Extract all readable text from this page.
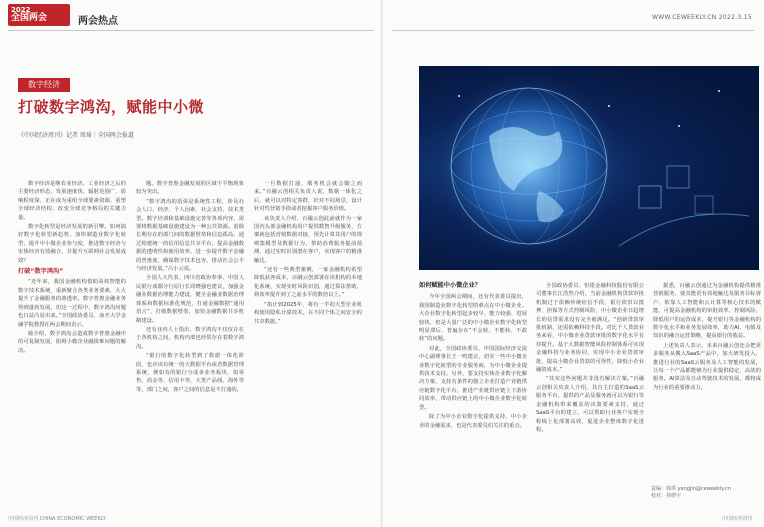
2022
全国两会	两会热点	WWW.CEWEEKLY.CN 2022.3.15
数字经济
打破数字鸿沟，赋能中小微
《中国经济周刊》记者 周琦｜全国两会报道

数字经济是继农业经济、工业经济之后的主要经济形态，发展速度快、辐射范围广、影响程度深，正在成为重组全球要素资源、重塑全球经济结构、改变全球竞争格局的关键力量。

数字化转型是经济发展的新引擎。如何搞好数字化转型新趋势，加快制造业数字化转型，提升中小微企业参与度，推进数字经济与实体经济有效融合，并提升互联网社会发展成效？

打破“数字鸿沟”

“近年来，我国金融机构借助高效智能的数字技术系统，重新聚合各类业务要素，大大提升了金融服务的渗透率。数字普惠金融业务得到蓬勃发展，但这一过程中，数字鸿沟问题也日益凸显出来。”全国政协委员、南开大学金融学院教授在两会期间表示。

她介绍，数字鸿沟会造成数字普惠金融中的可复制发展，阻碍小微企业融资难问题的解决。

题。数字普惠金融发展的区域不平衡现象较为突出。

“数字鸿沟的消弭是系统性工程，涉及社会人口、经济、个人因素、社会支持、技术类型。数字培训和基础设施完善等各项内容，需要将数据基础设施建设为一种公共资源。消除长期存在的部门间的数据壁垒和信息孤岛，通过构建统一的信用信息共享平台，提高金融数据的透明性和使用效率，进一步提升数字金融的普惠度，确保数字技术包容，推动社会公平与经济发展。”吕小云说。

全国人大代表、四川省政协参事、中国人民银行成都分行原行长周晓强也建议，加强金融业数据治理能力建设，健全金融业数据治理体系和数据标准化规范，打通金融数据“通用语言”，打破数据壁垒，加快金融数据共享机制建设。

还有业内人士指出，数字鸿沟不仅仅存在于各机构之间，机构内部也经常存在着数字鸿沟。

“银行的数字化转型到了数据一体化阶段，也应该有统一的大数据平台或者数据管理系统，例如有的银行分成多业务板块，如零售、消金等、信用卡等，大类产品线、海外等等，部门之间，客户之间的信息是不打通的。

一旦数据打通，服务机会就会随之而来。”百融云创相关负责人说，数据一体化之后，就可以对特定客群，针对不同场景，设计针对性营销手段或者挖掘客户服务价值。

该负责人介绍，百融云创此前就作为一家国内头部金融机构用户提供数智升级服务，方案就包括营销数据对接，预先计算其用户的规则集模型及数据行为，帮助消费服务提前预测，通过实时识别潜在客户，实现客户的精准触达。

“还有一些典型案例，一家金融机构希望降低获客成本，百融云创部署在该机构的本地化系统，实现实时风险识别，通过算法帮助，将效率提升到了之前水平的数倍以上。”

“指计到2025年，将有一半的大型企业机构使用隐私计算技术，在不同个体之间安全的共享数据。”

中国经济周刊 CHINA ECONOMIC WEEKLY
如何赋能中小微企业？

今年全国两会期间，还有代表委员提出，我国制造业数字化转型的难点在中小微企业。大企业数字化转型起步较早、能力较强、进展较快，但是大量广泛的中小微企业数字化转型明显滞后，普遍存在“不会转、不能转、不敢转”的问题。

对此，全国政协委员、中国国际经济交流中心副理事长王一鸣建议，切实一些中小微企业数字化转型的专业服务商，为中小微企业提供技术支持。另外，要支持实体企业数字化解决方案，支持有条件的独立企业打造产业链供应链数字化平台，推进产业链供应链上下游协同效率，带动供应链上的中小微企业数字化转型。

除了为中小企业数字化提供支持，中小企业的金融需求，也是代表委员们关注的重点。

全国政协委员、恒银金融科技股份有限公司董事长江浩然介绍，当前金融机构贷款审批机制过于依赖传统征信手段，银行依旧以抵押、担保等方式控制风险，中小微企业日趋增长的信贷需求没有完全被满足。“创新贷款审批机制，还需依赖科技手段。对比个人贷款业务来看，中小微企业贷款审批的数字化水平有待提升。基于大数据智能风险控制体系可实现金融科技与业务协同，实现中小企业贷款审批，提高小微企业贷款的可得性，降低小企业融资成本。”

“其实这些问题并非没有解决方案。”百融云创相关负责人介绍，其自主打造的SaaS云服务平台，提供的产品及服务就可以为银行等金融机构带来覆盖的决策要素支持，通过SaaS平台的建立，可以帮助行业客户实现全程线上化部署高效，促进企业整体数字化进程。

据悉，百融云创通过为金融机构提供精准营销服务，使其能更有效地触达及服务目标客户、依靠人工智能和云计算等核心技术的赋能，可提高金融机构的审批效率、控制风险，降低用户的运营成本，提升银行等金融机构的数字化水平和业务发展效率，助力AI、电销及知识的融合运营策略，提高银行的收益。

上述负责人表示，未来百融云创还会把更多服务从搬入SaaS产品中，加大研发投入，推进行业的SaaS云服务及人工智能的发展，让每一个产品都能够为行业提供稳定、高效的服务。AI算法及自动驾驶技术的发展，都将成为行业的重要推动力。

责编：韩琪 yangjin@ceweekly.cn
校对：孙晓宇
中国经济周刊
